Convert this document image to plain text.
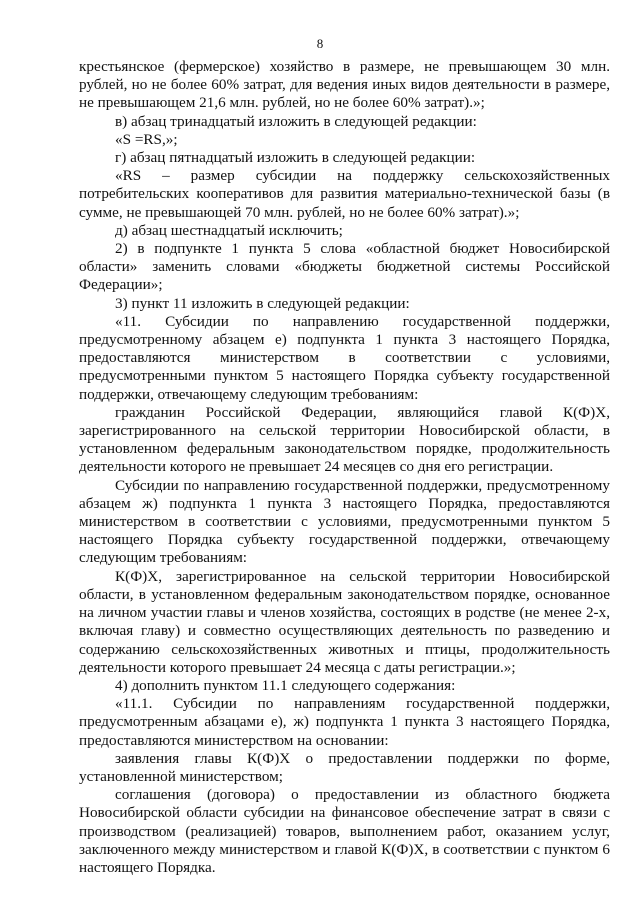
8

крестьянское (фермерское) хозяйство в размере, не превышающем 30 млн. рублей, но не более 60% затрат, для ведения иных видов деятельности в размере, не превышающем 21,6 млн. рублей, но не более 60% затрат).»;

в) абзац тринадцатый изложить в следующей редакции:

«S =RS,»;

г) абзац пятнадцатый изложить в следующей редакции:

«RS – размер субсидии на поддержку сельскохозяйственных потребительских кооперативов для развития материально-технической базы (в сумме, не превышающей 70 млн. рублей, но не более 60% затрат).»;

д) абзац шестнадцатый исключить;

2) в подпункте 1 пункта 5 слова «областной бюджет Новосибирской области» заменить словами «бюджеты бюджетной системы Российской Федерации»;

3) пункт 11 изложить в следующей редакции:

«11. Субсидии по направлению государственной поддержки, предусмотренному абзацем е) подпункта 1 пункта 3 настоящего Порядка, предоставляются министерством в соответствии с условиями, предусмотренными пунктом 5 настоящего Порядка субъекту государственной поддержки, отвечающему следующим требованиям:

гражданин Российской Федерации, являющийся главой К(Ф)Х, зарегистрированного на сельской территории Новосибирской области, в установленном федеральным законодательством порядке, продолжительность деятельности которого не превышает 24 месяцев со дня его регистрации.

Субсидии по направлению государственной поддержки, предусмотренному абзацем ж) подпункта 1 пункта 3 настоящего Порядка, предоставляются министерством в соответствии с условиями, предусмотренными пунктом 5 настоящего Порядка субъекту государственной поддержки, отвечающему следующим требованиям:

К(Ф)Х, зарегистрированное на сельской территории Новосибирской области, в установленном федеральным законодательством порядке, основанное на личном участии главы и членов хозяйства, состоящих в родстве (не менее 2-х, включая главу) и совместно осуществляющих деятельность по разведению и содержанию сельскохозяйственных животных и птицы, продолжительность деятельности которого превышает 24 месяца с даты регистрации.»;

4) дополнить пунктом 11.1 следующего содержания:

«11.1. Субсидии по направлениям государственной поддержки, предусмотренным абзацами е), ж) подпункта 1 пункта 3 настоящего Порядка, предоставляются министерством на основании:

заявления главы К(Ф)Х о предоставлении поддержки по форме, установленной министерством;

соглашения (договора) о предоставлении из областного бюджета Новосибирской области субсидии на финансовое обеспечение затрат в связи с производством (реализацией) товаров, выполнением работ, оказанием услуг, заключенного между министерством и главой К(Ф)Х, в соответствии с пунктом 6 настоящего Порядка.
